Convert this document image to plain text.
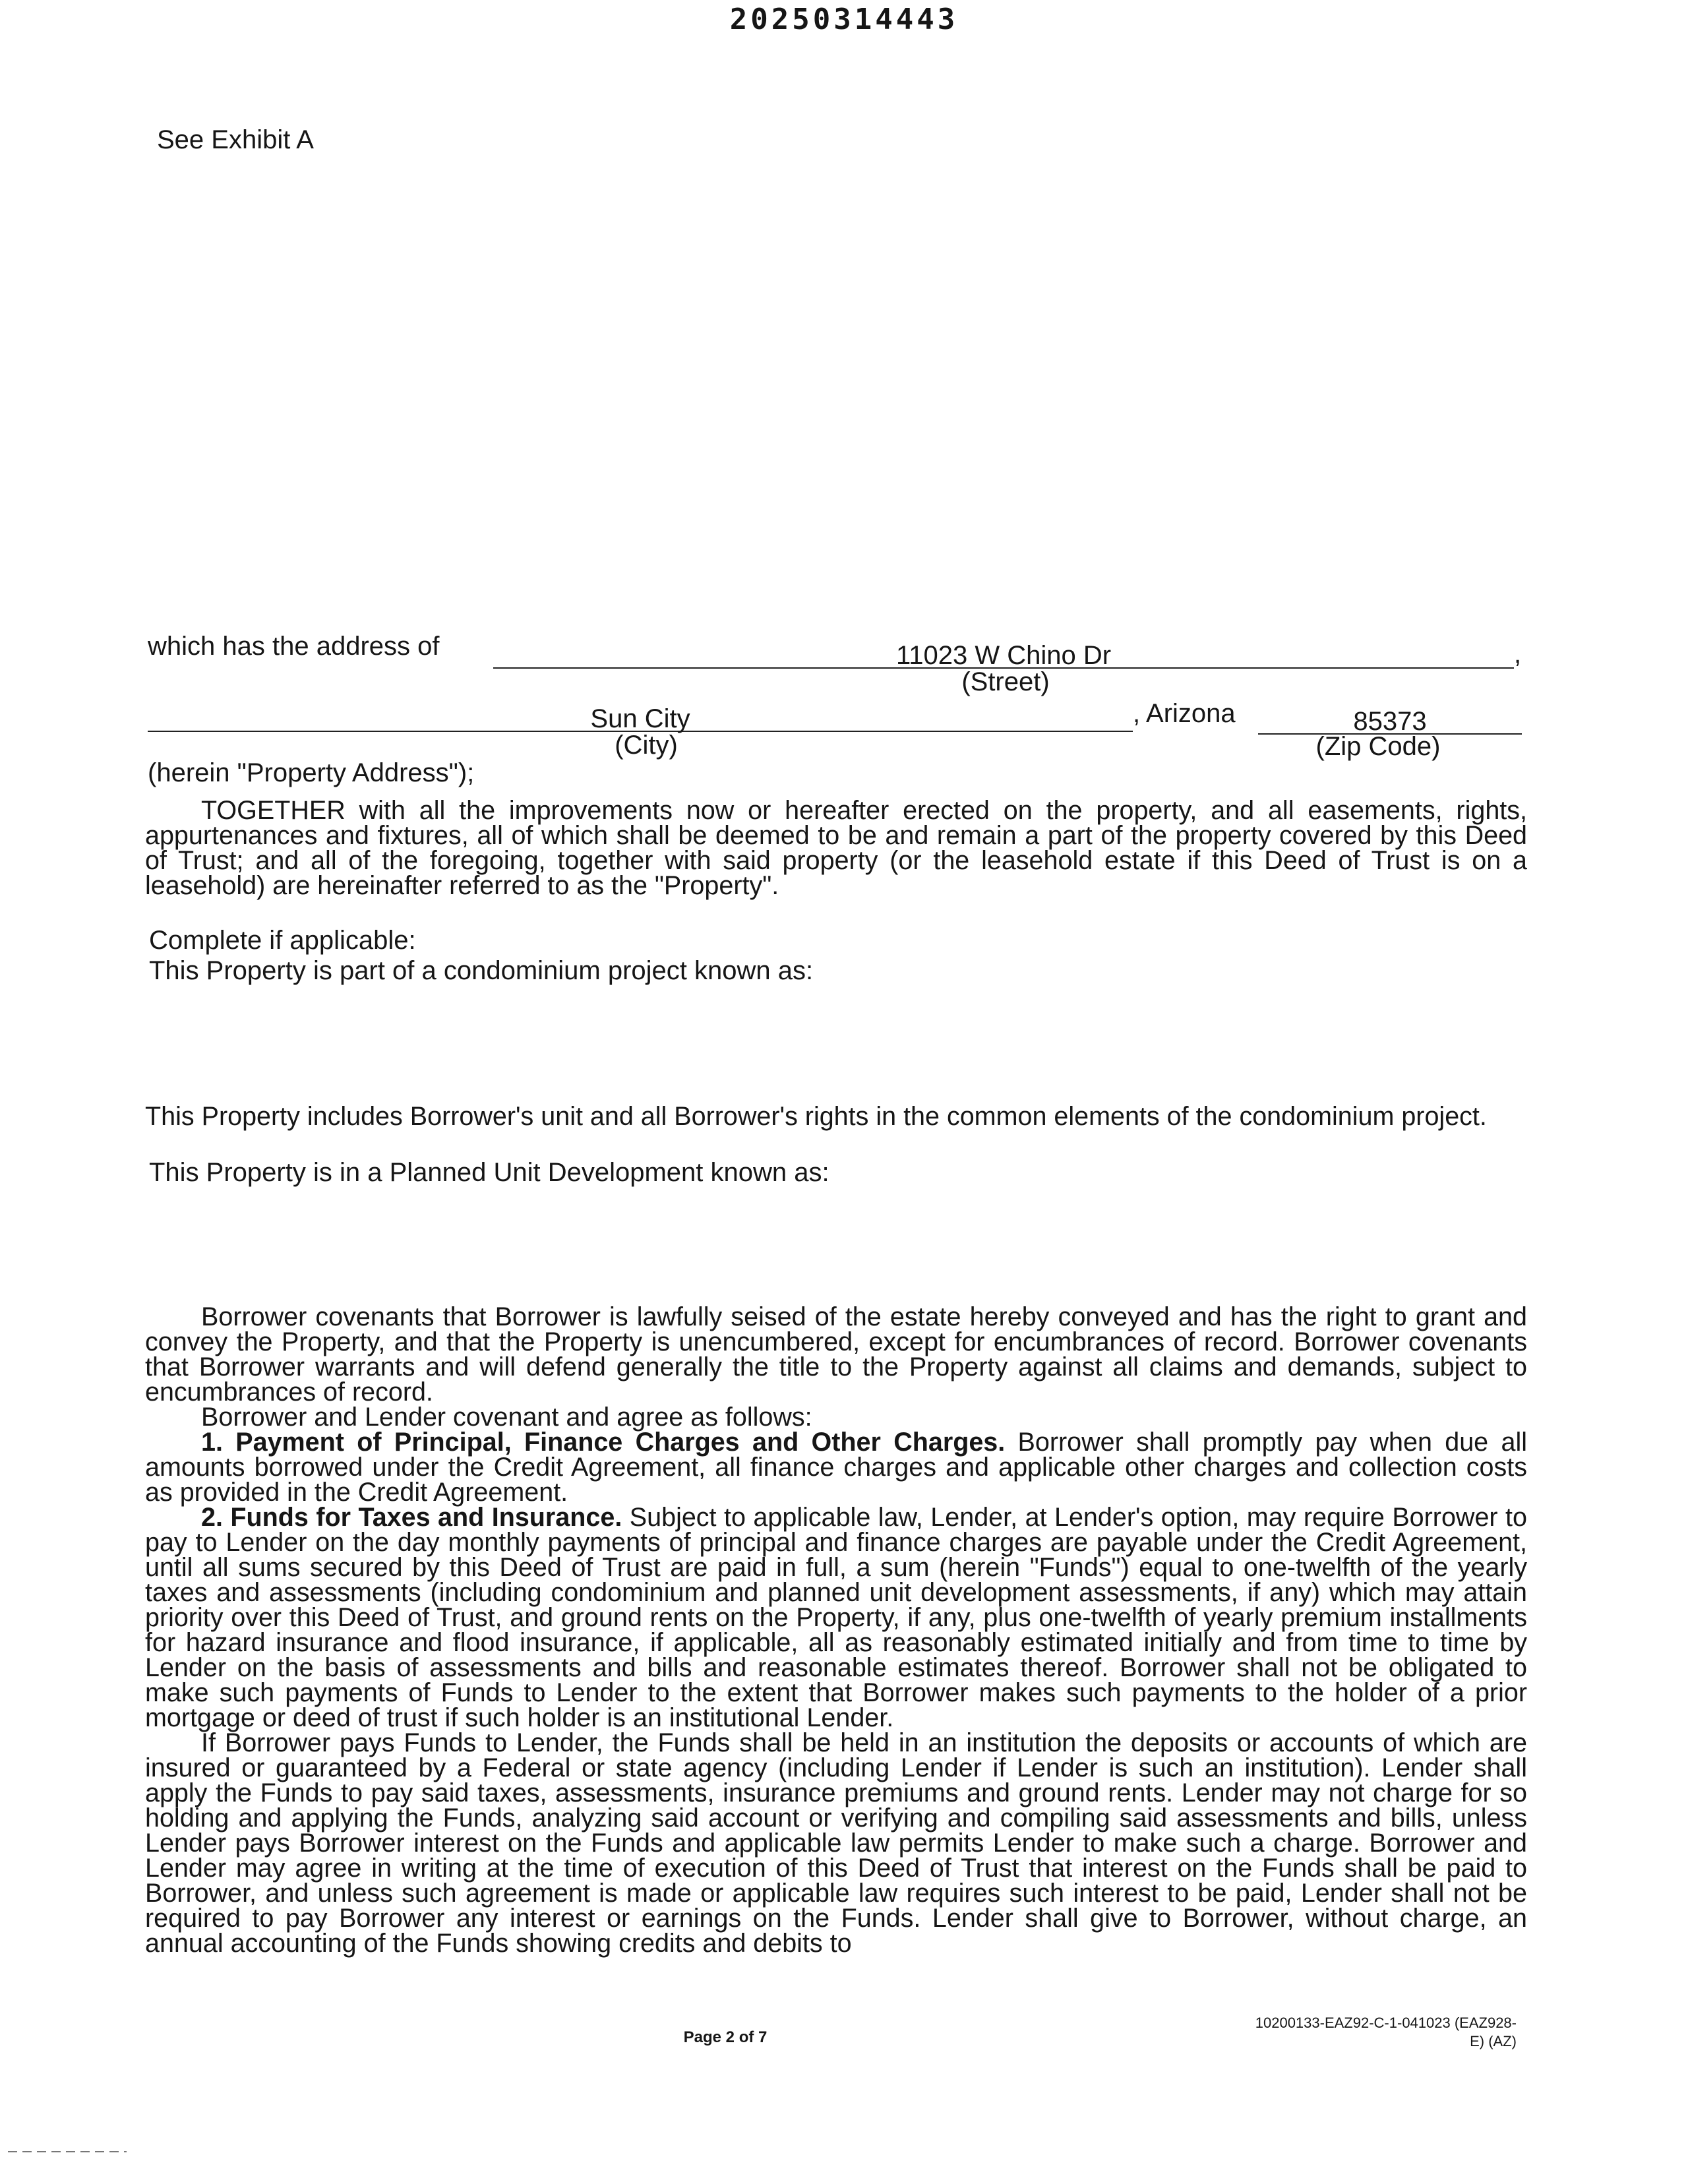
20250314443
See Exhibit A
which has the address of	11023 W Chino Dr	,
(Street)
Sun City	, Arizona	85373
(City)	(Zip Code)
(herein "Property Address");
TOGETHER with all the improvements now or hereafter erected on the property, and all easements, rights, appurtenances and fixtures, all of which shall be deemed to be and remain a part of the property covered by this Deed of Trust; and all of the foregoing, together with said property (or the leasehold estate if this Deed of Trust is on a leasehold) are hereinafter referred to as the "Property".
Complete if applicable:
This Property is part of a condominium project known as:
This Property includes Borrower's unit and all Borrower's rights in the common elements of the condominium project.
This Property is in a Planned Unit Development known as:

Borrower covenants that Borrower is lawfully seised of the estate hereby conveyed and has the right to grant and convey the Property, and that the Property is unencumbered, except for encumbrances of record. Borrower covenants that Borrower warrants and will defend generally the title to the Property against all claims and demands, subject to encumbrances of record.

Borrower and Lender covenant and agree as follows:

1. Payment of Principal, Finance Charges and Other Charges. Borrower shall promptly pay when due all amounts borrowed under the Credit Agreement, all finance charges and applicable other charges and collection costs as provided in the Credit Agreement.

2. Funds for Taxes and Insurance. Subject to applicable law, Lender, at Lender's option, may require Borrower to pay to Lender on the day monthly payments of principal and finance charges are payable under the Credit Agreement, until all sums secured by this Deed of Trust are paid in full, a sum (herein "Funds") equal to one-twelfth of the yearly taxes and assessments (including condominium and planned unit development assessments, if any) which may attain priority over this Deed of Trust, and ground rents on the Property, if any, plus one-twelfth of yearly premium installments for hazard insurance and flood insurance, if applicable, all as reasonably estimated initially and from time to time by Lender on the basis of assessments and bills and reasonable estimates thereof. Borrower shall not be obligated to make such payments of Funds to Lender to the extent that Borrower makes such payments to the holder of a prior mortgage or deed of trust if such holder is an institutional Lender.

If Borrower pays Funds to Lender, the Funds shall be held in an institution the deposits or accounts of which are insured or guaranteed by a Federal or state agency (including Lender if Lender is such an institution). Lender shall apply the Funds to pay said taxes, assessments, insurance premiums and ground rents. Lender may not charge for so holding and applying the Funds, analyzing said account or verifying and compiling said assessments and bills, unless Lender pays Borrower interest on the Funds and applicable law permits Lender to make such a charge. Borrower and Lender may agree in writing at the time of execution of this Deed of Trust that interest on the Funds shall be paid to Borrower, and unless such agreement is made or applicable law requires such interest to be paid, Lender shall not be required to pay Borrower any interest or earnings on the Funds. Lender shall give to Borrower, without charge, an annual accounting of the Funds showing credits and debits to

Page 2 of 7
10200133-EAZ92-C-1-041023 (EAZ928-
E) (AZ)
